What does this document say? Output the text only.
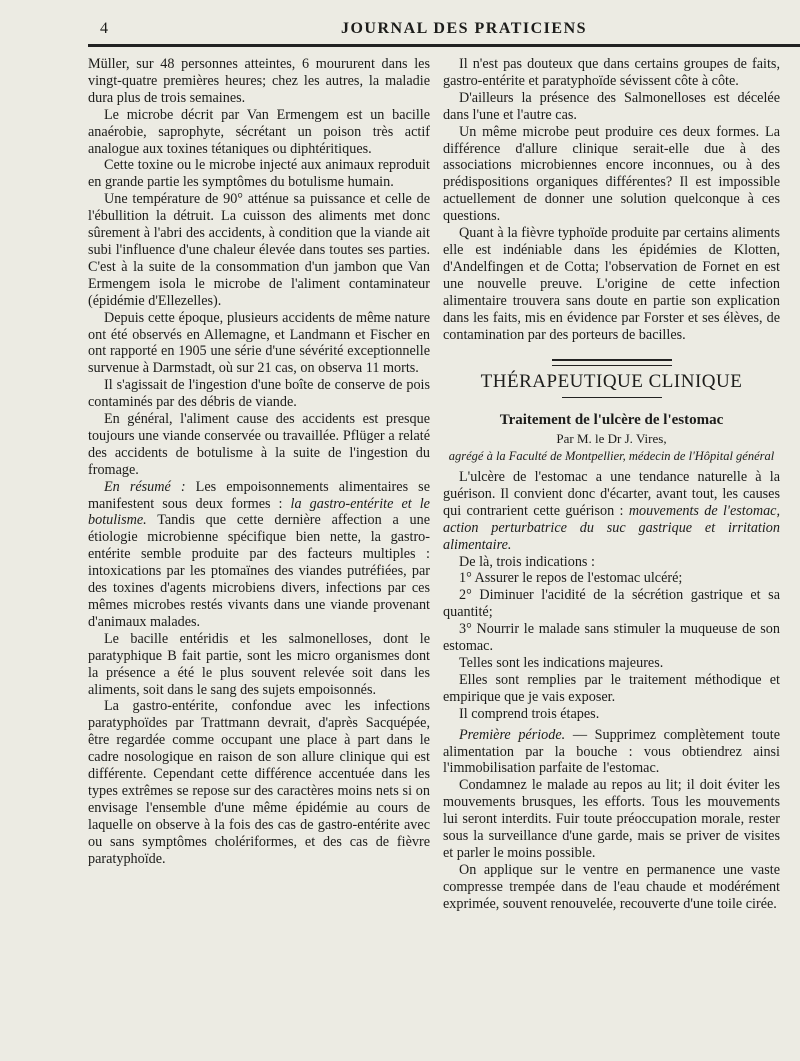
4	JOURNAL DES PRATICIENS

Müller, sur 48 personnes atteintes, 6 moururent dans les vingt-quatre premières heures; chez les autres, la maladie dura plus de trois semaines.

Le microbe décrit par Van Ermengem est un bacille anaérobie, saprophyte, sécrétant un poison très actif analogue aux toxines tétaniques ou diphtéritiques.

Cette toxine ou le microbe injecté aux animaux reproduit en grande partie les symptômes du botulisme humain.

Une température de 90° atténue sa puissance et celle de l'ébullition la détruit. La cuisson des aliments met donc sûrement à l'abri des accidents, à condition que la viande ait subi l'influence d'une chaleur élevée dans toutes ses parties. C'est à la suite de la consommation d'un jambon que Van Ermengem isola le microbe de l'aliment contaminateur (épidémie d'Ellezelles).

Depuis cette époque, plusieurs accidents de même nature ont été observés en Allemagne, et Landmann et Fischer en ont rapporté en 1905 une série d'une sévérité exceptionnelle survenue à Darmstadt, où sur 21 cas, on observa 11 morts.

Il s'agissait de l'ingestion d'une boîte de conserve de pois contaminés par des débris de viande.

En général, l'aliment cause des accidents est presque toujours une viande conservée ou travaillée. Pflüger a relaté des accidents de botulisme à la suite de l'ingestion du fromage.

En résumé : Les empoisonnements alimentaires se manifestent sous deux formes : la gastro-entérite et le botulisme. Tandis que cette dernière affection a une étiologie microbienne spécifique bien nette, la gastro-entérite semble produite par des facteurs multiples : intoxications par les ptomaïnes des viandes putréfiées, par des toxines d'agents microbiens divers, infections par ces mêmes microbes restés vivants dans une viande provenant d'animaux malades.

Le bacille entéridis et les salmonelloses, dont le paratyphique B fait partie, sont les micro organismes dont la présence a été le plus souvent relevée soit dans les aliments, soit dans le sang des sujets empoisonnés.

La gastro-entérite, confondue avec les infections paratyphoïdes par Trattmann devrait, d'après Sacquépée, être regardée comme occupant une place à part dans le cadre nosologique en raison de son allure clinique qui est différente. Cependant cette différence accentuée dans les types extrêmes se repose sur des caractères moins nets si on envisage l'ensemble d'une même épidémie au cours de laquelle on observe à la fois des cas de gastro-entérite avec ou sans symptômes cholériformes, et des cas de fièvre paratyphoïde.

Il n'est pas douteux que dans certains groupes de faits, gastro-entérite et paratyphoïde sévissent côte à côte.

D'ailleurs la présence des Salmonelloses est décelée dans l'une et l'autre cas.

Un même microbe peut produire ces deux formes. La différence d'allure clinique serait-elle due à des associations microbiennes encore inconnues, ou à des prédispositions organiques différentes? Il est impossible actuellement de donner une solution quelconque à ces questions.

Quant à la fièvre typhoïde produite par certains aliments elle est indéniable dans les épidémies de Klotten, d'Andelfingen et de Cotta; l'observation de Fornet en est une nouvelle preuve. L'origine de cette infection alimentaire trouvera sans doute en partie son explication dans les faits, mis en évidence par Forster et ses élèves, de contamination par des porteurs de bacilles.

THÉRAPEUTIQUE CLINIQUE
Traitement de l'ulcère de l'estomac
Par M. le Dr J. Vires,
agrégé à la Faculté de Montpellier, médecin de l'Hôpital général

L'ulcère de l'estomac a une tendance naturelle à la guérison. Il convient donc d'écarter, avant tout, les causes qui contrarient cette guérison : mouvements de l'estomac, action perturbatrice du suc gastrique et irritation alimentaire.

De là, trois indications :

1° Assurer le repos de l'estomac ulcéré;

2° Diminuer l'acidité de la sécrétion gastrique et sa quantité;

3° Nourrir le malade sans stimuler la muqueuse de son estomac.

Telles sont les indications majeures.

Elles sont remplies par le traitement méthodique et empirique que je vais exposer.

Il comprend trois étapes.

Première période. — Supprimez complètement toute alimentation par la bouche : vous obtiendrez ainsi l'immobilisation parfaite de l'estomac.

Condamnez le malade au repos au lit; il doit éviter les mouvements brusques, les efforts. Tous les mouvements lui seront interdits. Fuir toute préoccupation morale, rester sous la surveillance d'une garde, mais se priver de visites et parler le moins possible.

On applique sur le ventre en permanence une vaste compresse trempée dans de l'eau chaude et modérément exprimée, souvent renouvelée, recouverte d'une toile cirée.
